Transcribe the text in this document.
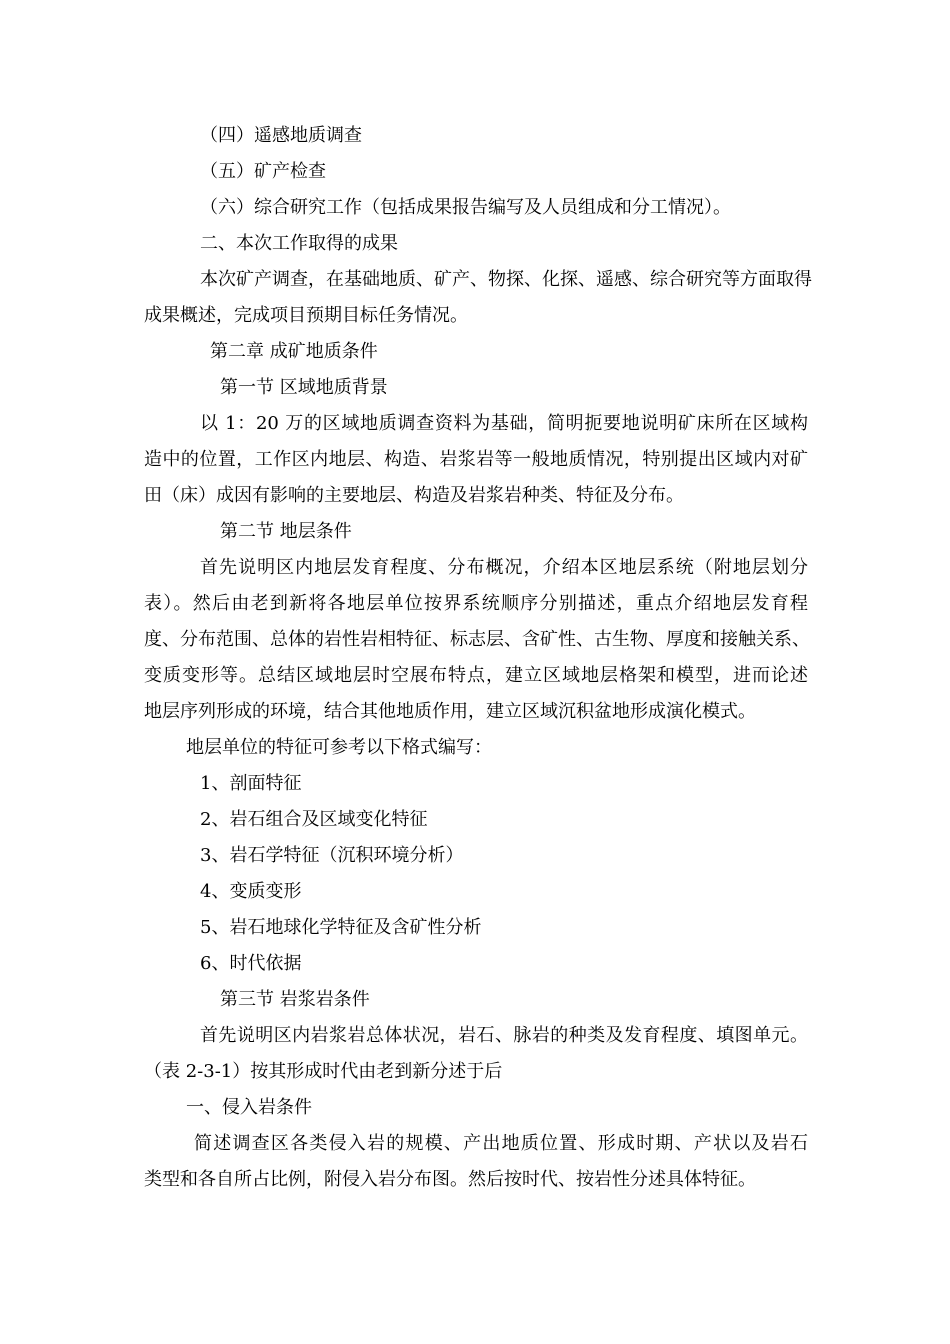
（四）遥感地质调查
（五）矿产检查
（六）综合研究工作（包括成果报告编写及人员组成和分工情况）。
二、本次工作取得的成果
本次矿产调查，在基础地质、矿产、物探、化探、遥感、综合研究等方面取得
成果概述，完成项目预期目标任务情况。
第二章 成矿地质条件
第一节 区域地质背景
以 1：20 万的区域地质调查资料为基础，简明扼要地说明矿床所在区域构
造中的位置，工作区内地层、构造、岩浆岩等一般地质情况，特别提出区域内对矿
田（床）成因有影响的主要地层、构造及岩浆岩种类、特征及分布。
第二节 地层条件
首先说明区内地层发育程度、分布概况，介绍本区地层系统（附地层划分
表）。然后由老到新将各地层单位按界系统顺序分别描述，重点介绍地层发育程
度、分布范围、总体的岩性岩相特征、标志层、含矿性、古生物、厚度和接触关系、
变质变形等。总结区域地层时空展布特点，建立区域地层格架和模型，进而论述
地层序列形成的环境，结合其他地质作用，建立区域沉积盆地形成演化模式。
地层单位的特征可参考以下格式编写：
1、剖面特征
2、岩石组合及区域变化特征
3、岩石学特征（沉积环境分析）
4、变质变形
5、岩石地球化学特征及含矿性分析
6、时代依据
第三节 岩浆岩条件
首先说明区内岩浆岩总体状况，岩石、脉岩的种类及发育程度、填图单元。
（表 2-3-1）按其形成时代由老到新分述于后
一、侵入岩条件
简述调查区各类侵入岩的规模、产出地质位置、形成时期、产状以及岩石
类型和各自所占比例，附侵入岩分布图。然后按时代、按岩性分述具体特征。
